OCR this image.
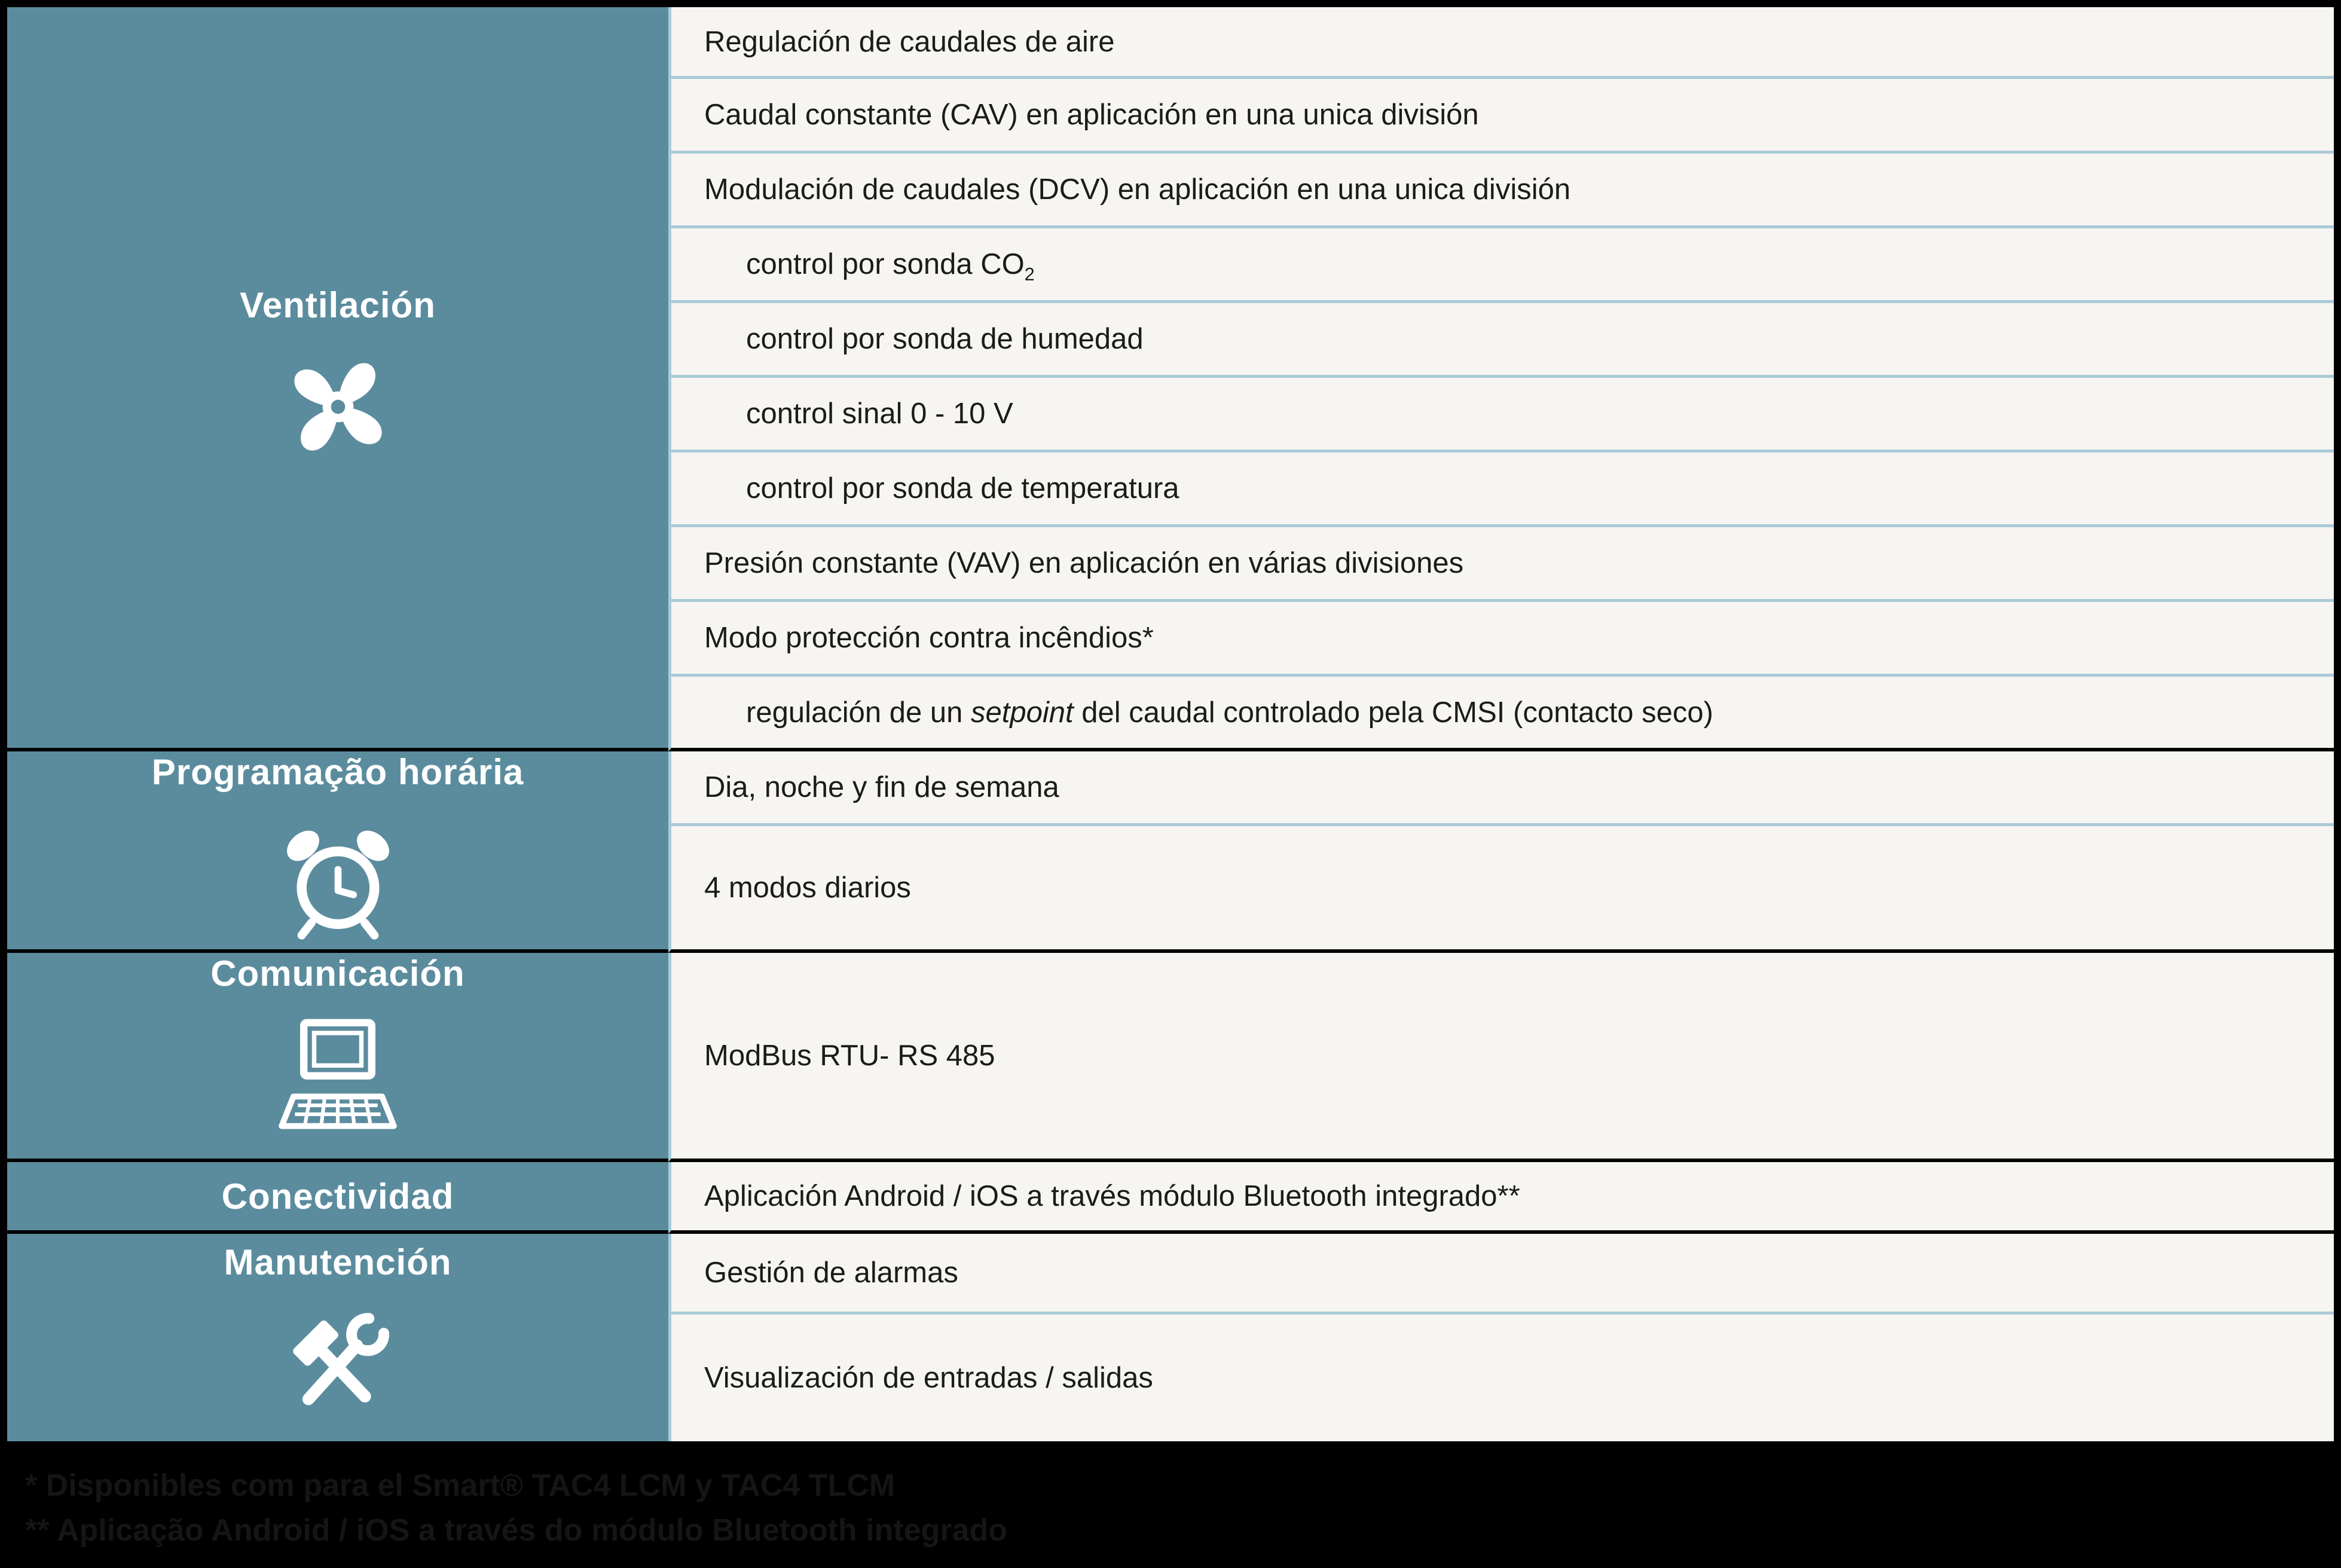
Ventilación
Programação horária
Comunicación
Conectividad
Manutención
Regulación de caudales de aire
Caudal constante (CAV) en aplicación en una unica división
Modulación de caudales (DCV) en aplicación en una unica división
control por sonda $CO_2$
control por sonda de humedad
control sinal 0 - 10 V
control por sonda de temperatura
Presión constante (VAV) en aplicación en várias divisiones
Modo protección contra incêndios*
regulación de un setpoint del caudal controlado pela CMSI (contacto seco)
Dia, noche y fin de semana
4 modos diarios
ModBus RTU- RS 485
Aplicación Android / iOS a través módulo Bluetooth integrado**
Gestión de alarmas
Visualización de entradas / salidas
* Disponibles com para el Smart® TAC4 LCM y TAC4 TLCM
** Aplicação Android / iOS a través do módulo Bluetooth integrado
